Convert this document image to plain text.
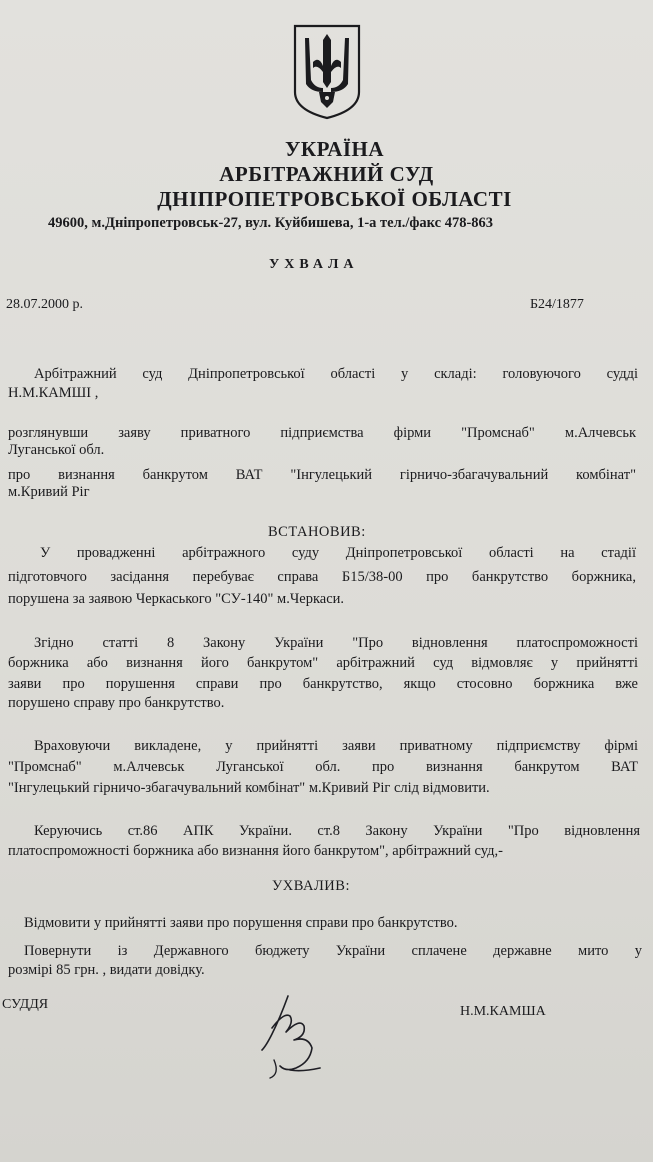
УКРАЇНА
АРБІТРАЖНИЙ СУД
ДНІПРОПЕТРОВСЬКОЇ ОБЛАСТІ
49600, м.Дніпропетровськ-27, вул. Куйбишева, 1-а тел./факс 478-863
УХВАЛА
28.07.2000 р.	Б24/1877
Арбітражний суд Дніпропетровської області у складі: головуючого судді
Н.М.КАМШІ ,
розглянувши заяву приватного підприємства фірми "Промснаб" м.Алчевськ
Луганської обл.
про визнання банкрутом ВАТ "Інгулецький гірничо-збагачувальний комбінат"
м.Кривий Ріг
ВСТАНОВИВ:
У провадженні арбітражного суду Дніпропетровської області на стадії
підготовчого засідання перебуває справа Б15/38-00 про банкрутство боржника,
порушена за заявою Черкаського "СУ-140" м.Черкаси.
Згідно статті 8 Закону України "Про відновлення платоспроможності
боржника або визнання його банкрутом" арбітражний суд відмовляє у прийнятті
заяви про порушення справи про банкрутство, якщо стосовно боржника вже
порушено справу про банкрутство.
Враховуючи викладене, у прийнятті заяви приватному підприємству фірмі
"Промснаб" м.Алчевськ Луганської обл. про визнання банкрутом ВАТ
"Інгулецький гірничо-збагачувальний комбінат" м.Кривий Ріг слід відмовити.
Керуючись ст.86 АПК України. ст.8 Закону України "Про відновлення
платоспроможності боржника або визнання його банкрутом", арбітражний суд,-
УХВАЛИВ:
Відмовити у прийнятті заяви про порушення справи про банкрутство.
Повернути із Державного бюджету України сплачене державне мито у
розмірі 85 грн. , видати довідку.
СУДДЯ	Н.М.КАМША
